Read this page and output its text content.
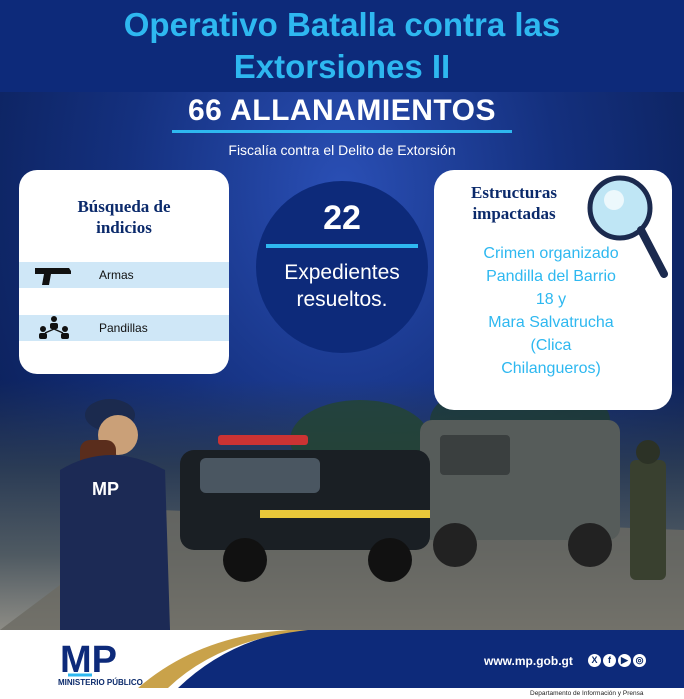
MP
Operativo Batalla contra las
Extorsiones II
66 ALLANAMIENTOS
Fiscalía contra el Delito de Extorsión
Búsqueda de
indicios
Armas
Pandillas
22
Expedientes
resueltos.
Estructuras
impactadas
Crimen organizado
Pandilla del Barrio
18 y
Mara Salvatrucha
(Clica
Chilangueros)
MP
MINISTERIO PÚBLICO
www.mp.gob.gt	X	f	▶ ◎
Departamento de Información y Prensa
